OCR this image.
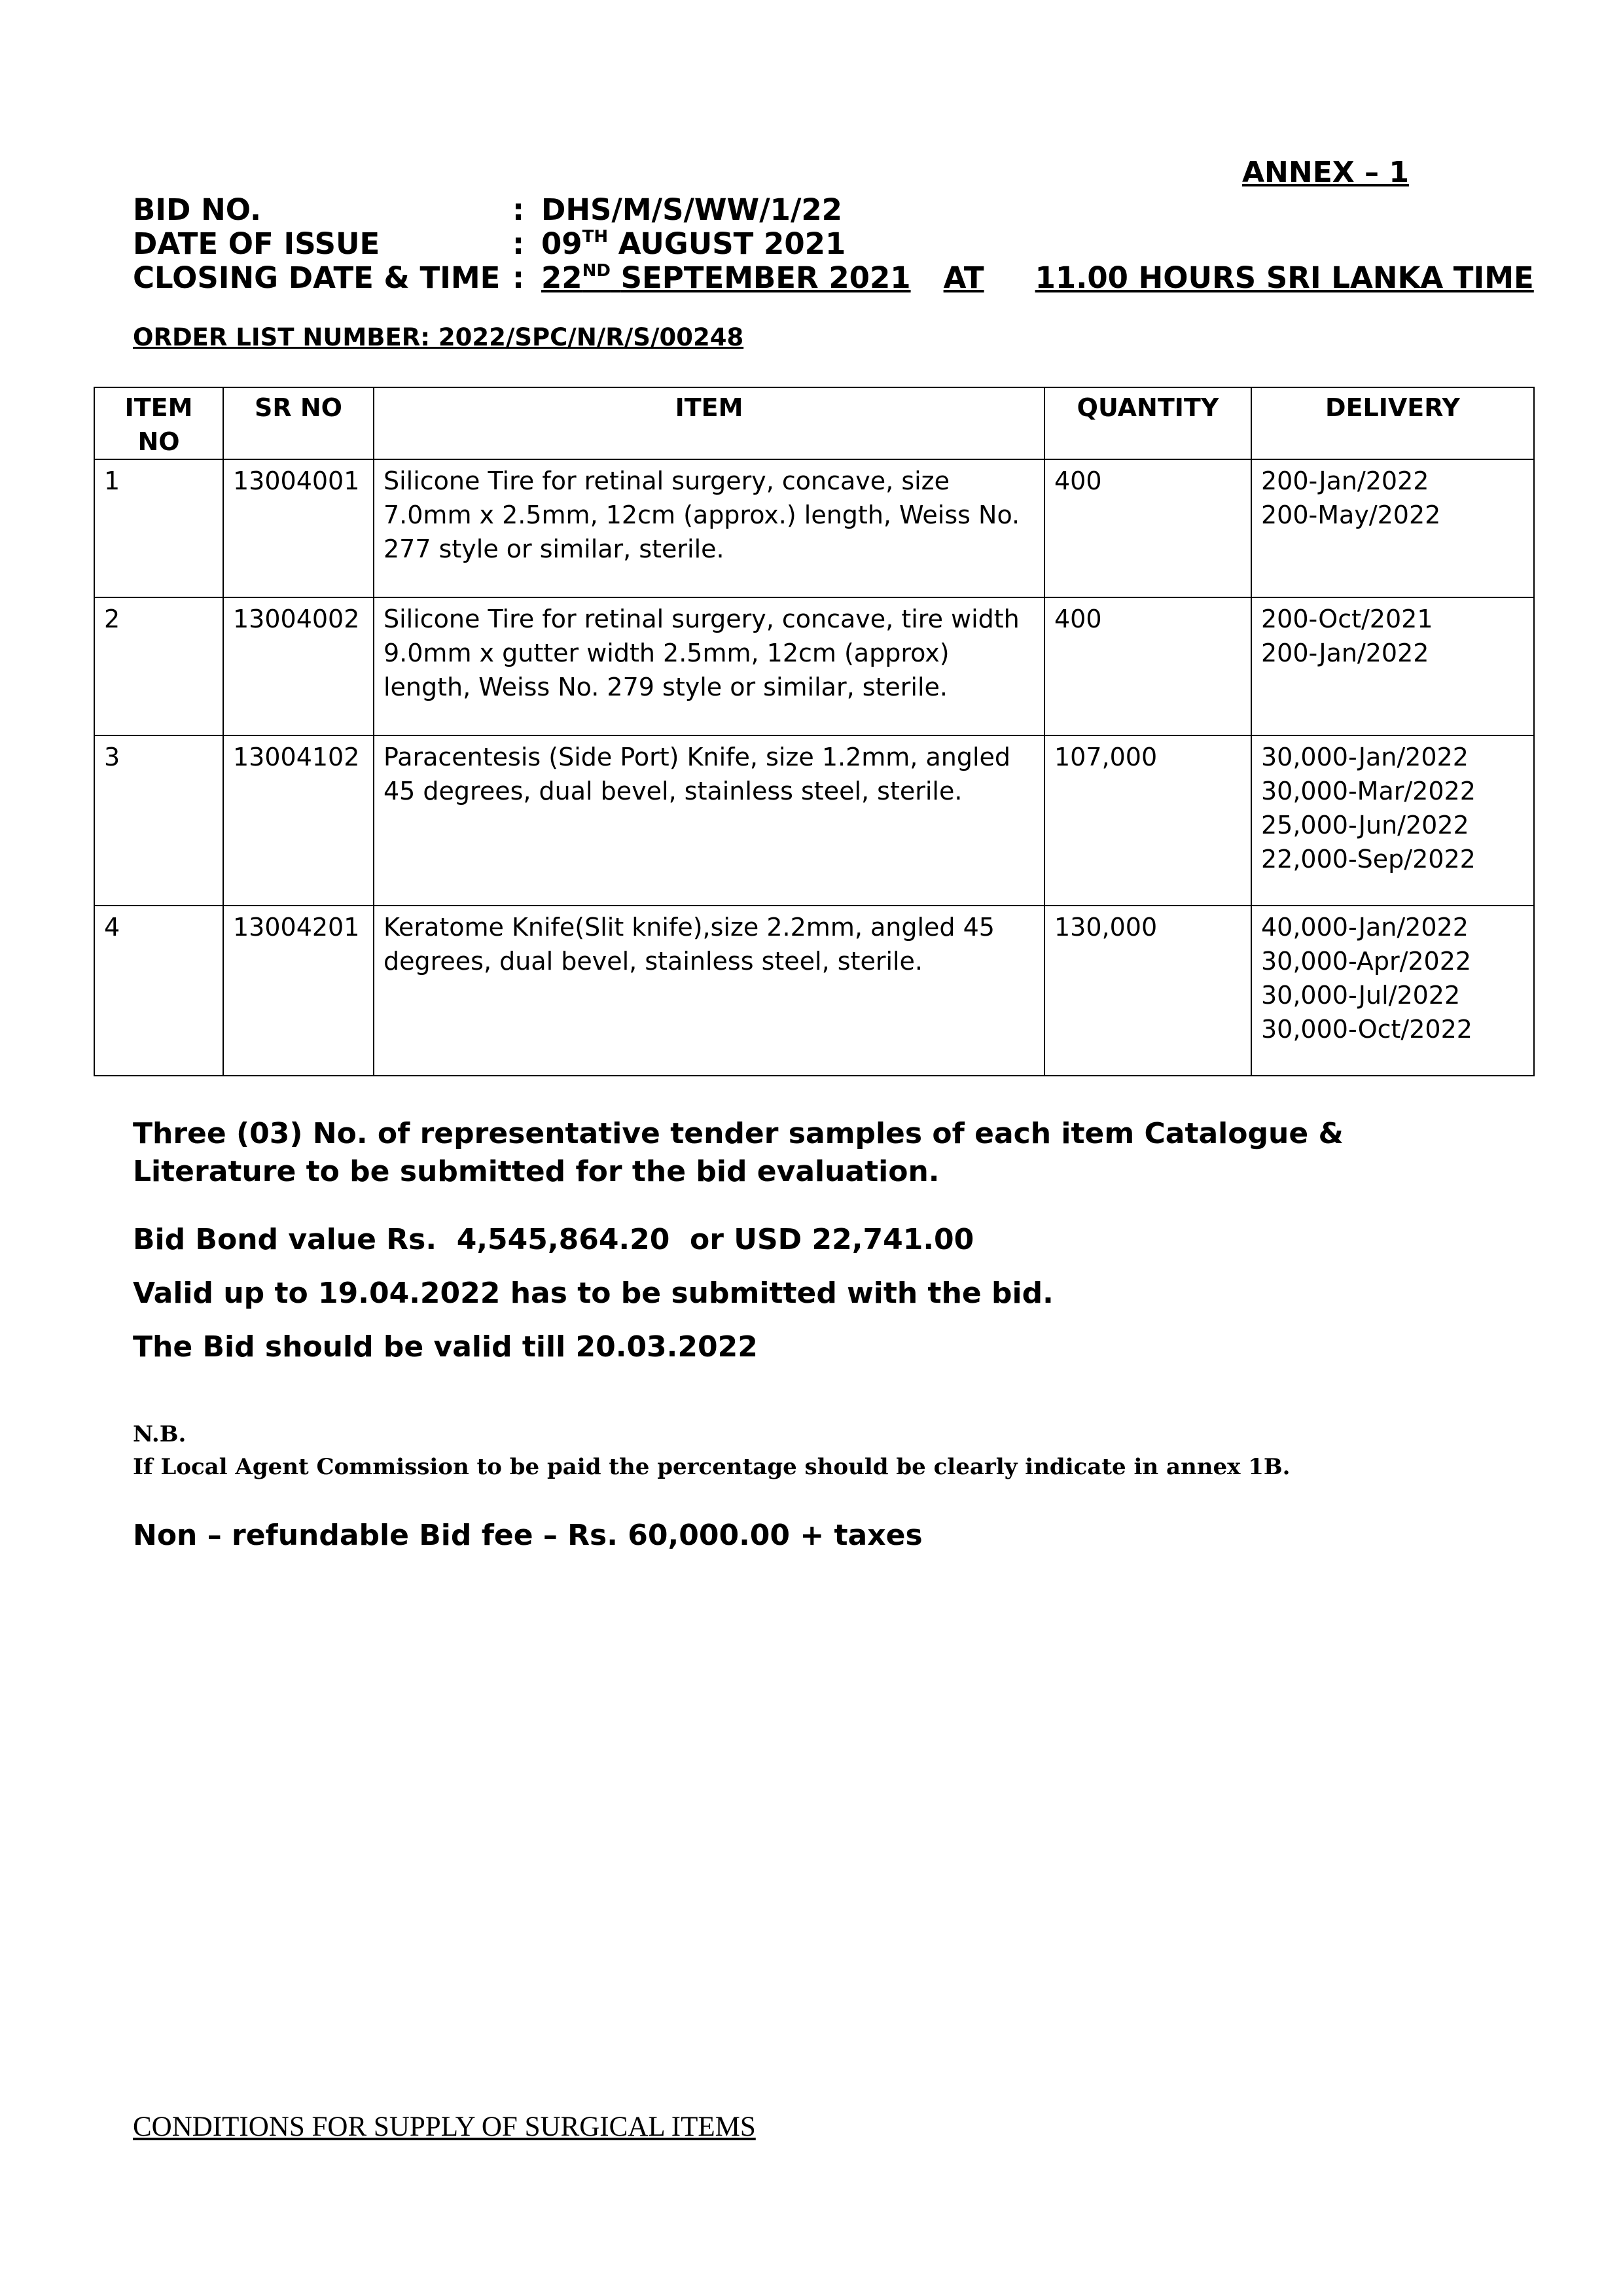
ANNEX – 1
BID NO.	: DHS/M/S/WW/1/22
DATE OF ISSUE	: 09TH AUGUST 2021
CLOSING DATE & TIME : 22ND SEPTEMBER 2021 AT 11.00 HOURS SRI LANKA TIME
ORDER LIST NUMBER: 2022/SPC/N/R/S/00248
ITEM NO	SR NO	ITEM	QUANTITY	DELIVERY
1	13004001	Silicone Tire for retinal surgery, concave, size 7.0mm x 2.5mm, 12cm (approx.) length, Weiss No. 277 style or similar, sterile.	400	200-Jan/2022
200-May/2022

2	13004002	Silicone Tire for retinal surgery, concave, tire width 9.0mm x gutter width 2.5mm, 12cm (approx) length, Weiss No. 279 style or similar, sterile.	400	200-Oct/2021
200-Jan/2022

3	13004102	Paracentesis (Side Port) Knife, size 1.2mm, angled 45 degrees, dual bevel, stainless steel, sterile.	107,000	30,000-Jan/2022
30,000-Mar/2022
25,000-Jun/2022
22,000-Sep/2022

4	13004201	Keratome Knife(Slit knife),size 2.2mm, angled 45 degrees, dual bevel, stainless steel, sterile.	130,000	40,000-Jan/2022
30,000-Apr/2022
30,000-Jul/2022
30,000-Oct/2022
Three (03) No. of representative tender samples of each item Catalogue & Literature to be submitted for the bid evaluation.
Bid Bond value Rs.  4,545,864.20  or USD 22,741.00
Valid up to 19.04.2022 has to be submitted with the bid.
The Bid should be valid till 20.03.2022
N.B.
If Local Agent Commission to be paid the percentage should be clearly indicate in annex 1B.
Non – refundable Bid fee – Rs. 60,000.00 + taxes
CONDITIONS FOR SUPPLY OF SURGICAL ITEMS
